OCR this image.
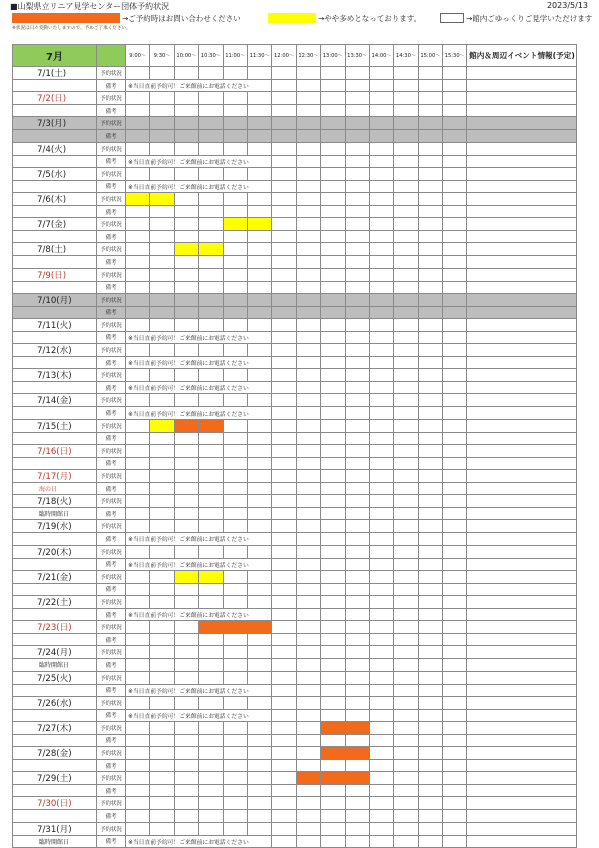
■山梨県立リニア見学センター団体予約状況	2023/5/13
→ご予約時はお問い合わせください	→やや多めとなっております。	→館内ごゆっくりご見学いただけます
※状況は日々変動いたしますので、予めご了承ください。
7月		9:00～	9:30～	10:00～	10:30～	11:00～	11:30～	12:00～	12:30～	13:00～	13:30～	14:00～	14:30～	15:00～	15:30～	館内＆周辺イベント情報(予定)
7/1(土)	予約状況															
	備考	※当日直前予約可！ご来館前にお電話ください														
7/2(日)	予約状況															
	備考															
7/3(月)	予約状況															
	備考															
7/4(火)	予約状況															
	備考	※当日直前予約可！ご来館前にお電話ください														
7/5(水)	予約状況															
	備考	※当日直前予約可！ご来館前にお電話ください														
7/6(木)	予約状況															
	備考															
7/7(金)	予約状況															
	備考															
7/8(土)	予約状況															
	備考															
7/9(日)	予約状況															
	備考															
7/10(月)	予約状況															
	備考															
7/11(火)	予約状況															
	備考	※当日直前予約可！ご来館前にお電話ください														
7/12(水)	予約状況															
	備考	※当日直前予約可！ご来館前にお電話ください														
7/13(木)	予約状況															
	備考	※当日直前予約可！ご来館前にお電話ください														
7/14(金)	予約状況															
	備考	※当日直前予約可！ご来館前にお電話ください														
7/15(土)	予約状況															
	備考															
7/16(日)	予約状況															
	備考															
7/17(月)	予約状況															
海の日	備考															
7/18(火)	予約状況															
臨時開館日	備考															
7/19(水)	予約状況															
	備考	※当日直前予約可！ご来館前にお電話ください														
7/20(木)	予約状況															
	備考	※当日直前予約可！ご来館前にお電話ください														
7/21(金)	予約状況															
	備考															
7/22(土)	予約状況															
	備考	※当日直前予約可！ご来館前にお電話ください														
7/23(日)	予約状況															
	備考															
7/24(月)	予約状況															
臨時開館日	備考															
7/25(火)	予約状況															
	備考	※当日直前予約可！ご来館前にお電話ください														
7/26(水)	予約状況															
	備考	※当日直前予約可！ご来館前にお電話ください														
7/27(木)	予約状況															
	備考															
7/28(金)	予約状況															
	備考															
7/29(土)	予約状況															
	備考															
7/30(日)	予約状況															
	備考															
7/31(月)	予約状況															
臨時開館日	備考	※当日直前予約可！ご来館前にお電話ください														
